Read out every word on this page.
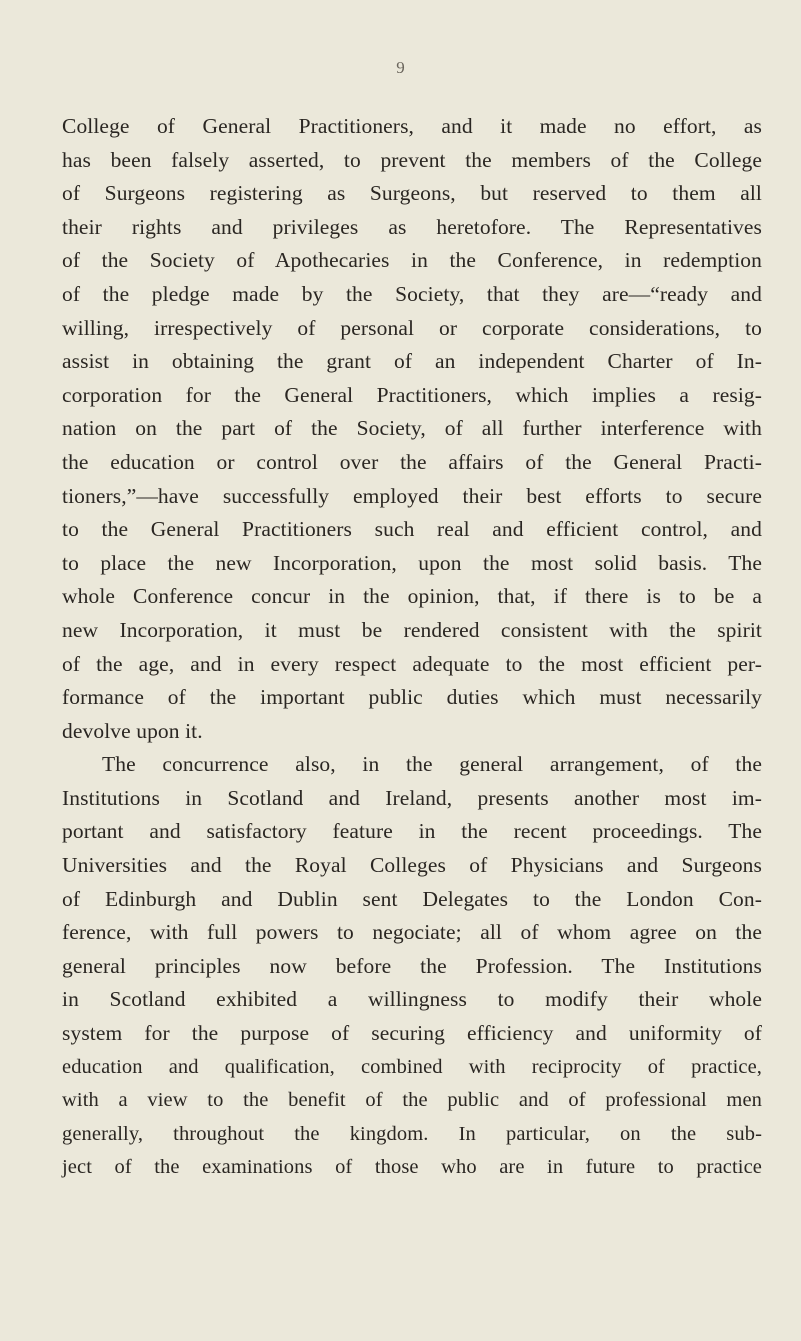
9
College of General Practitioners, and it made no effort, as
has been falsely asserted, to prevent the members of the College
of Surgeons registering as Surgeons, but reserved to them all
their rights and privileges as heretofore. The Representatives
of the Society of Apothecaries in the Conference, in redemption
of the pledge made by the Society, that they are—“ready and
willing, irrespectively of personal or corporate considerations, to
assist in obtaining the grant of an independent Charter of In-
corporation for the General Practitioners, which implies a resig-
nation on the part of the Society, of all further interference with
the education or control over the affairs of the General Practi-
tioners,”—have successfully employed their best efforts to secure
to the General Practitioners such real and efficient control, and
to place the new Incorporation, upon the most solid basis. The
whole Conference concur in the opinion, that, if there is to be a
new Incorporation, it must be rendered consistent with the spirit
of the age, and in every respect adequate to the most efficient per-
formance of the important public duties which must necessarily
devolve upon it.
The concurrence also, in the general arrangement, of the
Institutions in Scotland and Ireland, presents another most im-
portant and satisfactory feature in the recent proceedings. The
Universities and the Royal Colleges of Physicians and Surgeons
of Edinburgh and Dublin sent Delegates to the London Con-
ference, with full powers to negociate; all of whom agree on the
general principles now before the Profession. The Institutions
in Scotland exhibited a willingness to modify their whole
system for the purpose of securing efficiency and uniformity of
education and qualification, combined with reciprocity of practice,
with a view to the benefit of the public and of professional men
generally, throughout the kingdom. In particular, on the sub-
ject of the examinations of those who are in future to practice
